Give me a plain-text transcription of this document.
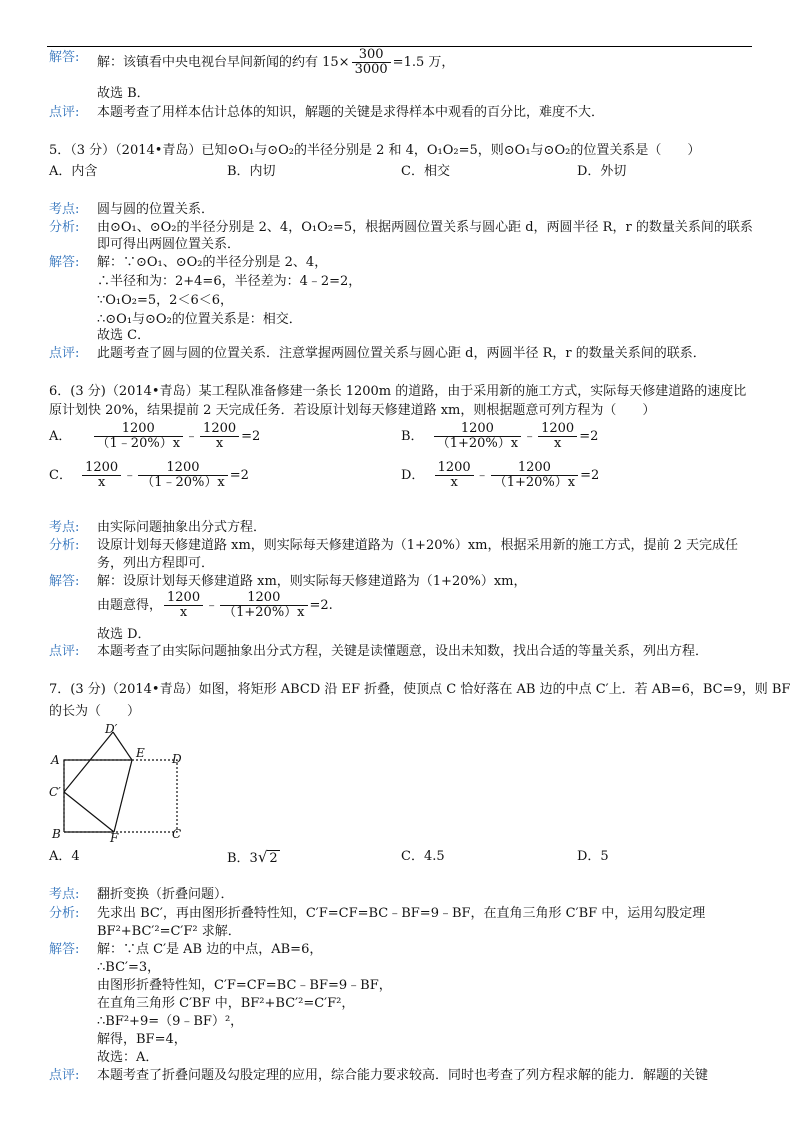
解答: 解：该镇看中央电视台早间新闻的约有 $15\times \frac{300}{3000} =1.5$ 万，
故选 B．
点评: 本题考查了用样本估计总体的知识，解题的关键是求得样本中观看的百分比，难度不大．
5．（3 分）（2014•青岛）已知⊙O₁与⊙O₂的半径分别是 2 和 4，O₁O₂=5，则⊙O₁与⊙O₂的位置关系是（　　）
A．内含	B．内切	C．相交	D．外切
考点: 圆与圆的位置关系．
分析: 由⊙O₁、⊙O₂的半径分别是 2、4，O₁O₂=5，根据两圆位置关系与圆心距 d，两圆半径 R，r 的数量关系间的联系
即可得出两圆位置关系．
解答: 解：∵⊙O₁、⊙O₂的半径分别是 2、4，
∴半径和为：2+4=6，半径差为：4﹣2=2，
∵O₁O₂=5，2＜6＜6，
∴⊙O₁与⊙O₂的位置关系是：相交．
故选 C．
点评: 此题考查了圆与圆的位置关系．注意掌握两圆位置关系与圆心距 d，两圆半径 R，r 的数量关系间的联系．
6．(3 分)（2014•青岛）某工程队准备修建一条长 1200m 的道路，由于采用新的施工方式，实际每天修建道路的速度比
原计划快 20%，结果提前 2 天完成任务．若设原计划每天修建道路 xm，则根据题意可列方程为（　　）
A． $\frac{1200}{(1﹣20\%)x}$ ﹣ $\frac{1200}{x} =2$	B． $\frac{1200}{(1+20\%)x}$ ﹣ $\frac{1200}{x} =2$
C． $\frac{1200}{x}$ ﹣ $\frac{1200}{(1﹣20\%)x} =2$	D． $\frac{1200}{x}$ ﹣ $\frac{1200}{(1+20\%)x} =2$
考点: 由实际问题抽象出分式方程．
分析: 设原计划每天修建道路 xm，则实际每天修建道路为（1+20%）xm，根据采用新的施工方式，提前 2 天完成任
务，列出方程即可．
解答: 解：设原计划每天修建道路 xm，则实际每天修建道路为（1+20%）xm，
由题意得， $\frac{1200}{x}$ ﹣ $\frac{1200}{(1+20\%)x} =2$.
故选 D．
点评: 本题考查了由实际问题抽象出分式方程，关键是读懂题意，设出未知数，找出合适的等量关系，列出方程．
7．(3 分)（2014•青岛）如图，将矩形 ABCD 沿 EF 折叠，使顶点 C 恰好落在 AB 边的中点 C′上．若 AB=6，BC=9，则 BF
的长为（　　）
A
B	C
D
E
F
C′
D′
A．4	B．3√ 2	C．4.5	D．5
考点: 翻折变换（折叠问题）．
分析: 先求出 BC′，再由图形折叠特性知，C′F=CF=BC﹣BF=9﹣BF，在直角三角形 C′BF 中，运用勾股定理
BF²+BC′²=C′F² 求解．
解答: 解：∵点 C′是 AB 边的中点，AB=6，
∴BC′=3，
由图形折叠特性知，C′F=CF=BC﹣BF=9﹣BF，
在直角三角形 C′BF 中，BF²+BC′²=C′F²，
∴BF²+9=（9﹣BF）²，
解得，BF=4，
故选：A．
点评: 本题考查了折叠问题及勾股定理的应用，综合能力要求较高．同时也考查了列方程求解的能力．解题的关键
